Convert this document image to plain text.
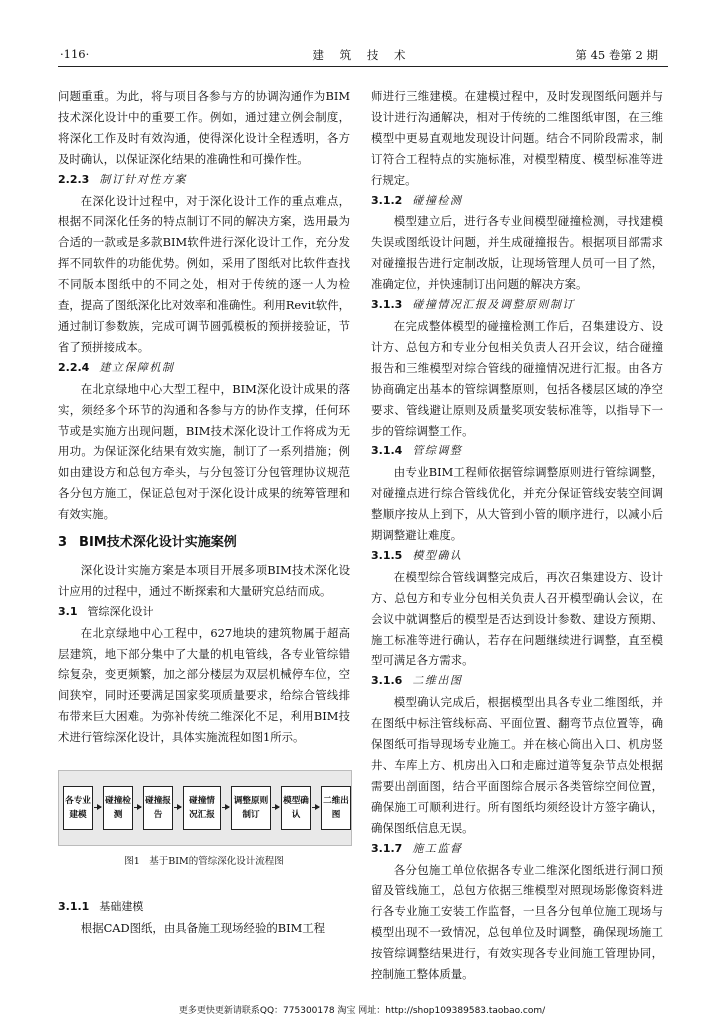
·116·	建 筑 技 术	第 45 卷第 2 期

问题重重。为此，将与项目各参与方的协调沟通作为BIM技术深化设计中的重要工作。例如，通过建立例会制度，将深化工作及时有效沟通，使得深化设计全程透明，各方及时确认，以保证深化结果的准确性和可操作性。

2.2.3 制订针对性方案

在深化设计过程中，对于深化设计工作的重点难点，根据不同深化任务的特点制订不同的解决方案，选用最为合适的一款或是多款BIM软件进行深化设计工作，充分发挥不同软件的功能优势。例如，采用了图纸对比软件查找不同版本图纸中的不同之处，相对于传统的逐一人为检查，提高了图纸深化比对效率和准确性。利用Revit软件，通过制订参数族，完成可调节圆弧模板的预拼接验证，节省了预拼接成本。

2.2.4 建立保障机制

在北京绿地中心大型工程中，BIM深化设计成果的落实，须经多个环节的沟通和各参与方的协作支撑，任何环节或是实施方出现问题，BIM技术深化设计工作将成为无用功。为保证深化结果有效实施，制订了一系列措施；例如由建设方和总包方牵头，与分包签订分包管理协议规范各分包方施工，保证总包对于深化设计成果的统筹管理和有效实施。

3 BIM技术深化设计实施案例

深化设计实施方案是本项目开展多项BIM技术深化设计应用的过程中，通过不断探索和大量研究总结而成。

3.1 管综深化设计

在北京绿地中心工程中，627地块的建筑物属于超高层建筑，地下部分集中了大量的机电管线，各专业管综错综复杂，变更频繁，加之部分楼层为双层机械停车位，空间狭窄，同时还要满足国家奖项质量要求，给综合管线排布带来巨大困难。为弥补传统二维深化不足，利用BIM技术进行管综深化设计，具体实施流程如图1所示。

各专业建模
碰撞检测
碰撞报告
碰撞情况汇报
调整原则制订
模型确认
二维出图
图1　基于BIM的管综深化设计流程图
3.1.1 基础建模

根据CAD图纸，由具备施工现场经验的BIM工程

师进行三维建模。在建模过程中，及时发现图纸问题并与设计进行沟通解决，相对于传统的二维图纸审图，在三维模型中更易直观地发现设计问题。结合不同阶段需求，制订符合工程特点的实施标准，对模型精度、模型标准等进行规定。

3.1.2 碰撞检测

模型建立后，进行各专业间模型碰撞检测，寻找建模失误或图纸设计问题，并生成碰撞报告。根据项目部需求对碰撞报告进行定制改版，让现场管理人员可一目了然，准确定位，并快速制订出问题的解决方案。

3.1.3 碰撞情况汇报及调整原则制订

在完成整体模型的碰撞检测工作后，召集建设方、设计方、总包方和专业分包相关负责人召开会议，结合碰撞报告和三维模型对综合管线的碰撞情况进行汇报。由各方协商确定出基本的管综调整原则，包括各楼层区域的净空要求、管线避让原则及质量奖项安装标准等，以指导下一步的管综调整工作。

3.1.4 管综调整

由专业BIM工程师依据管综调整原则进行管综调整，对碰撞点进行综合管线优化，并充分保证管线安装空间调整顺序按从上到下，从大管到小管的顺序进行，以减小后期调整避让难度。

3.1.5 模型确认

在模型综合管线调整完成后，再次召集建设方、设计方、总包方和专业分包相关负责人召开模型确认会议，在会议中就调整后的模型是否达到设计参数、建设方预期、施工标准等进行确认，若存在问题继续进行调整，直至模型可满足各方需求。

3.1.6 二维出图

模型确认完成后，根据模型出具各专业二维图纸，并在图纸中标注管线标高、平面位置、翻弯节点位置等，确保图纸可指导现场专业施工。并在核心筒出入口、机房竖井、车库上方、机房出入口和走廊过道等复杂节点处根据需要出剖面图，结合平面图综合展示各类管综空间位置，确保施工可顺利进行。所有图纸均须经设计方签字确认，确保图纸信息无误。

3.1.7 施工监督

各分包施工单位依据各专业二维深化图纸进行洞口预留及管线施工，总包方依据三维模型对照现场影像资料进行各专业施工安装工作监督，一旦各分包单位施工现场与模型出现不一致情况，总包单位及时调整，确保现场施工按管综调整结果进行，有效实现各专业间施工管理协同，控制施工整体质量。

更多更快更新请联系QQ：775300178 淘宝 网址：http://shop109389583.taobao.com/
